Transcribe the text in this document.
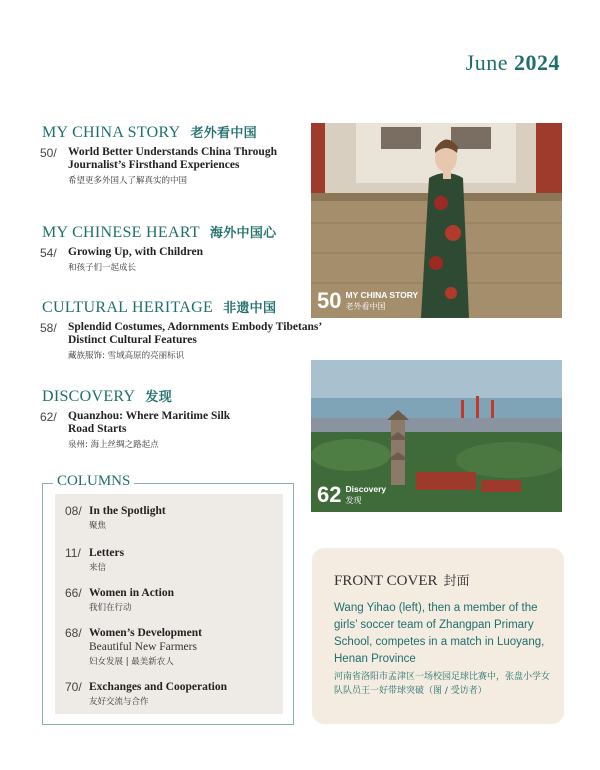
June 2024
MY CHINA STORY 老外看中国
50/ World Better Understands China Through Journalist’s Firsthand Experiences
希望更多外国人了解真实的中国
MY CHINESE HEART 海外中国心
54/ Growing Up, with Children
和孩子们一起成长
CULTURAL HERITAGE 非遗中国
58/ Splendid Costumes, Adornments Embody Tibetans’ Distinct Cultural Features
藏族服饰: 雪域高原的亮丽标识
DISCOVERY 发现
62/ Quanzhou: Where Maritime Silk Road Starts
泉州: 海上丝绸之路起点
50 MY CHINA STORY
老外看中国
62 Discovery
发现
COLUMNS
08/ In the Spotlight
聚焦
11/ Letters
来信
66/ Women in Action
我们在行动
68/ Women’s Development
Beautiful New Farmers
妇女发展 | 最美新农人
70/ Exchanges and Cooperation
友好交流与合作
FRONT COVER 封面
Wang Yihao (left), then a member of the girls’ soccer team of Zhangpan Primary School, competes in a match in Luoyang, Henan Province
河南省洛阳市孟津区一场校园足球比赛中，张盘小学女队队员王一好带球突破（图 / 受访者）
